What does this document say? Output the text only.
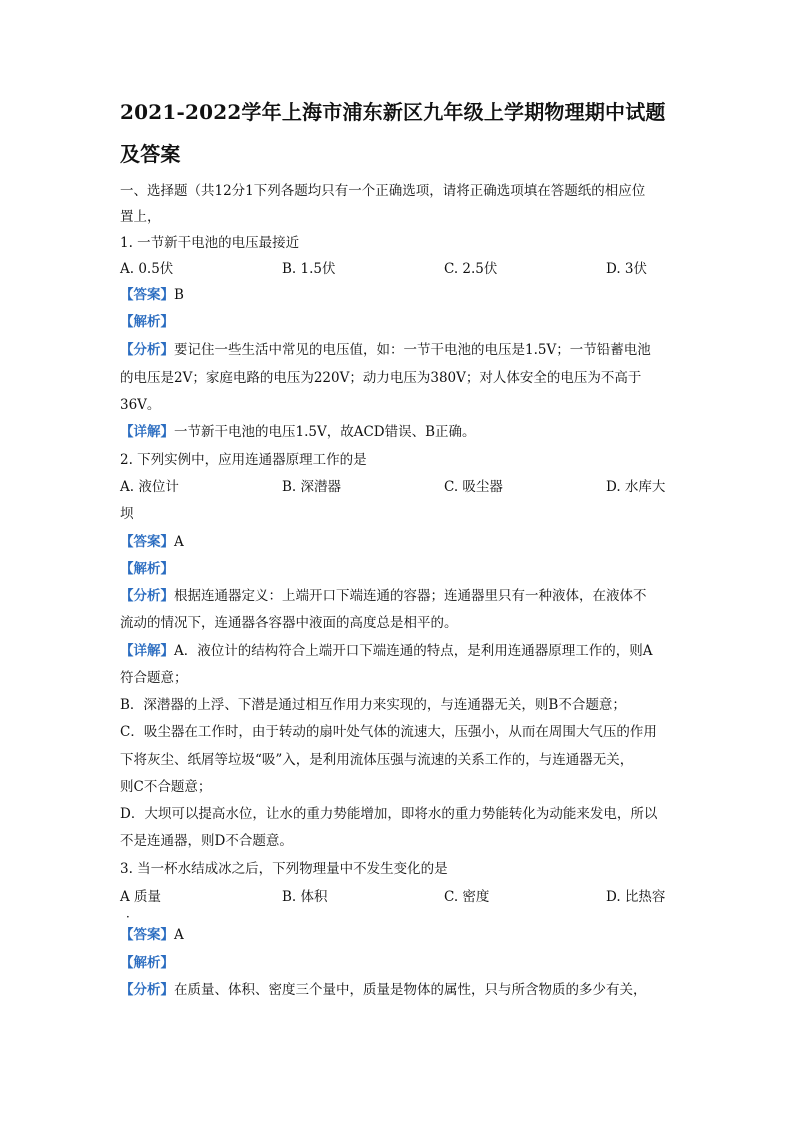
2021-2022学年上海市浦东新区九年级上学期物理期中试题
及答案
一、选择题（共12分1下列各题均只有一个正确选项，请将正确选项填在答题纸的相应位
置上，
1. 一节新干电池的电压最接近
A. 0.5伏	B. 1.5伏	C. 2.5伏	D. 3伏
【答案】B
【解析】
【分析】要记住一些生活中常见的电压值，如：一节干电池的电压是1.5V；一节铅蓄电池
的电压是2V；家庭电路的电压为220V；动力电压为380V；对人体安全的电压为不高于
36V。
【详解】一节新干电池的电压1.5V，故ACD错误、B正确。
2. 下列实例中，应用连通器原理工作的是
A. 液位计	B. 深潜器	C. 吸尘器	D. 水库大
坝
【答案】A
【解析】
【分析】根据连通器定义：上端开口下端连通的容器；连通器里只有一种液体，在液体不
流动的情况下，连通器各容器中液面的高度总是相平的。
【详解】A．液位计的结构符合上端开口下端连通的特点，是利用连通器原理工作的，则A
符合题意；
B．深潜器的上浮、下潜是通过相互作用力来实现的，与连通器无关，则B不合题意；
C．吸尘器在工作时，由于转动的扇叶处气体的流速大，压强小，从而在周围大气压的作用
下将灰尘、纸屑等垃圾“吸”入，是利用流体压强与流速的关系工作的，与连通器无关，
则C不合题意；
D．大坝可以提高水位，让水的重力势能增加，即将水的重力势能转化为动能来发电，所以
不是连通器，则D不合题意。
3. 当一杯水结成冰之后，下列物理量中不发生变化的是
A 质量	B. 体积	C. 密度	D. 比热容
．
【答案】A
【解析】
【分析】在质量、体积、密度三个量中，质量是物体的属性，只与所含物质的多少有关，
